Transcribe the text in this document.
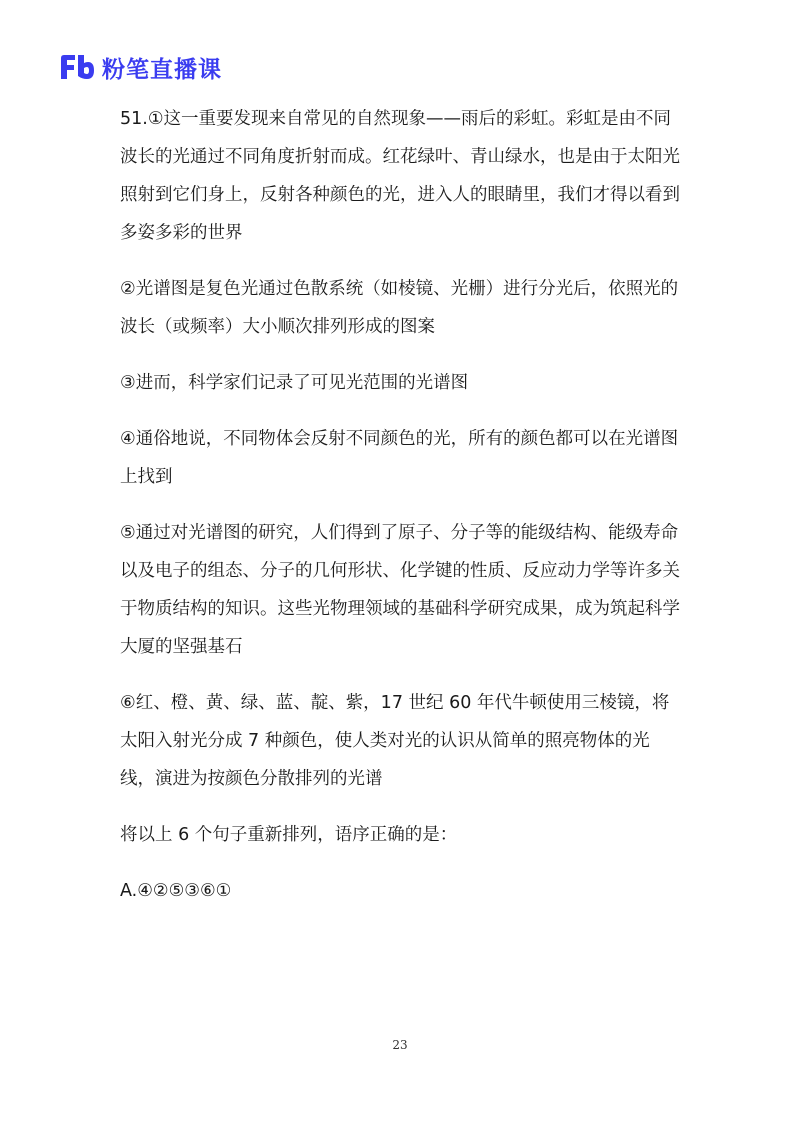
粉笔直播课

51.①这一重要发现来自常见的自然现象——雨后的彩虹。彩虹是由不同波长的光通过不同角度折射而成。红花绿叶、青山绿水，也是由于太阳光照射到它们身上，反射各种颜色的光，进入人的眼睛里，我们才得以看到多姿多彩的世界

②光谱图是复色光通过色散系统（如棱镜、光栅）进行分光后，依照光的波长（或频率）大小顺次排列形成的图案

③进而，科学家们记录了可见光范围的光谱图

④通俗地说，不同物体会反射不同颜色的光，所有的颜色都可以在光谱图上找到

⑤通过对光谱图的研究，人们得到了原子、分子等的能级结构、能级寿命以及电子的组态、分子的几何形状、化学键的性质、反应动力学等许多关于物质结构的知识。这些光物理领域的基础科学研究成果，成为筑起科学大厦的坚强基石

⑥红、橙、黄、绿、蓝、靛、紫，17 世纪 60 年代牛顿使用三棱镜，将太阳入射光分成 7 种颜色，使人类对光的认识从简单的照亮物体的光线，演进为按颜色分散排列的光谱

将以上 6 个句子重新排列，语序正确的是：

A.④②⑤③⑥①

23
